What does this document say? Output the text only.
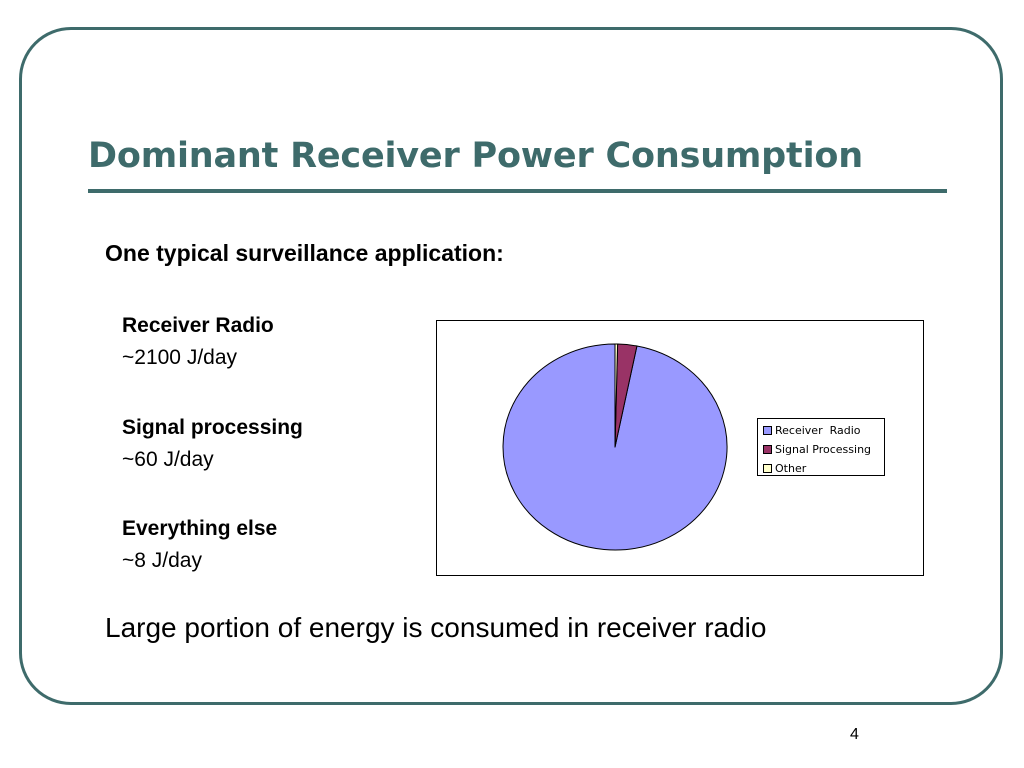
Dominant Receiver Power Consumption
One typical surveillance application:
Receiver Radio
~2100 J/day
Signal processing
~60 J/day
Everything else
~8 J/day
Receiver  Radio
Signal Processing
Other
Large portion of energy is consumed in receiver radio
4
